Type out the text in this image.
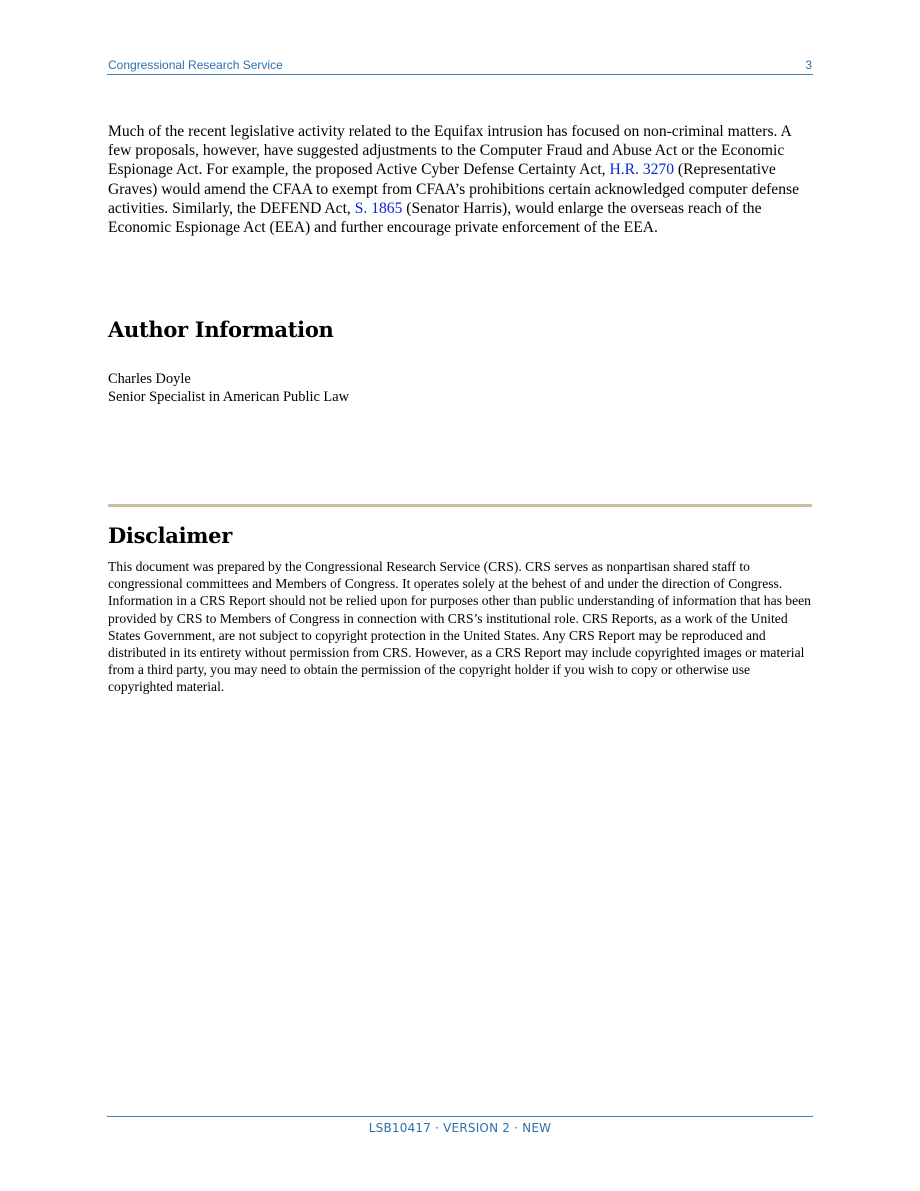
Congressional Research Service	3

Much of the recent legislative activity related to the Equifax intrusion has focused on non-criminal matters. A few proposals, however, have suggested adjustments to the Computer Fraud and Abuse Act or the Economic Espionage Act. For example, the proposed Active Cyber Defense Certainty Act, H.R. 3270 (Representative Graves) would amend the CFAA to exempt from CFAA’s prohibitions certain acknowledged computer defense activities. Similarly, the DEFEND Act, S. 1865 (Senator Harris), would enlarge the overseas reach of the Economic Espionage Act (EEA) and further encourage private enforcement of the EEA.

Author Information
Charles Doyle
Senior Specialist in American Public Law
Disclaimer

This document was prepared by the Congressional Research Service (CRS). CRS serves as nonpartisan shared staff to congressional committees and Members of Congress. It operates solely at the behest of and under the direction of Congress. Information in a CRS Report should not be relied upon for purposes other than public understanding of information that has been provided by CRS to Members of Congress in connection with CRS’s institutional role. CRS Reports, as a work of the United States Government, are not subject to copyright protection in the United States. Any CRS Report may be reproduced and distributed in its entirety without permission from CRS. However, as a CRS Report may include copyrighted images or material from a third party, you may need to obtain the permission of the copyright holder if you wish to copy or otherwise use copyrighted material.

LSB10417 · VERSION 2 · NEW
